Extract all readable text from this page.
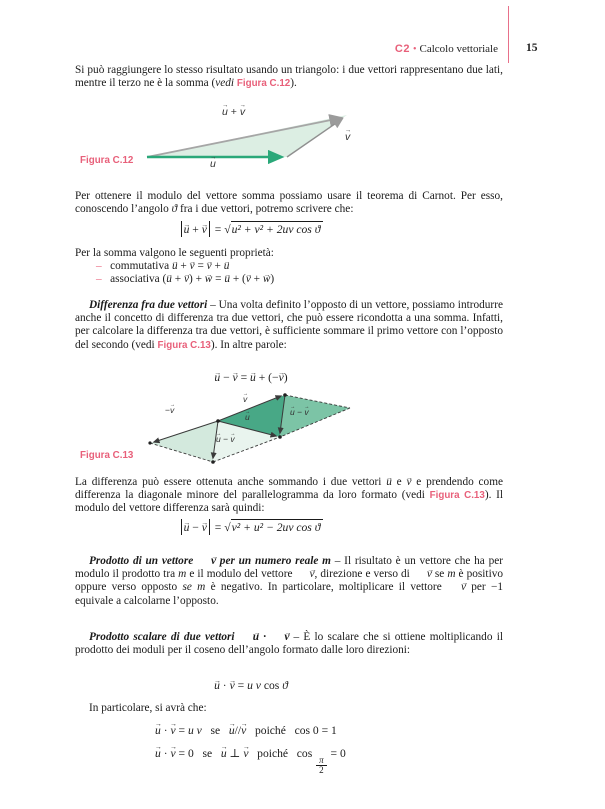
C2 • Calcolo vettoriale 15
Si può raggiungere lo stesso risultato usando un triangolo: i due vettori rappresentano due lati, mentre il terzo ne è la somma (vedi Figura C.12).
u → + v →
v →
u →
Figura C.12
Per ottenere il modulo del vettore somma possiamo usare il teorema di Carnot. Per esso, conoscendo l’angolo ϑ fra i due vettori, potremo scrivere che:
u → + v → = √u² + v² + 2uv cos ϑ
Per la somma valgono le seguenti proprietà:
–   commutativa u → + v → = v → + u →
–   associativa (u → + v →) + w → = u → + (v → + w →)
Differenza fra due vettori – Una volta definito l’opposto di un vettore, possiamo introdurre anche il concetto di differenza tra due vettori, che può essere ricondotta a una somma. Infatti, per calcolare la differenza tra due vettori, è sufficiente sommare il primo vettore con l’opposto del secondo (vedi Figura C.13). In altre parole:
u → − v → = u → + (−v →)
−v →
v →
u →
u → − v →
u → − v →
Figura C.13
La differenza può essere ottenuta anche sommando i due vettori u → e v → e prendendo come differenza la diagonale minore del parallelogramma da loro formato (vedi Figura C.13). Il modulo del vettore differenza sarà quindi:
u → − v → = √v² + u² − 2uv cos ϑ
Prodotto di un vettore v → per un numero reale m – Il risultato è un vettore che ha per modulo il prodotto tra m e il modulo del vettore v →, direzione e verso di v → se m è positivo oppure verso opposto se m è negativo. In particolare, moltiplicare il vettore v → per −1 equivale a calcolarne l’opposto.
Prodotto scalare di due vettori u → · v → – È lo scalare che si ottiene moltiplicando il prodotto dei moduli per il coseno dell’angolo formato dalle loro direzioni:
u → · v → = u v cos ϑ
In particolare, si avrà che:
u → · v → = u v   se   u →//v →   poiché   cos 0 = 1
u → · v → = 0   se   u → ⊥ v →   poiché   cos
$\frac{\pi}{2}$
= 0
